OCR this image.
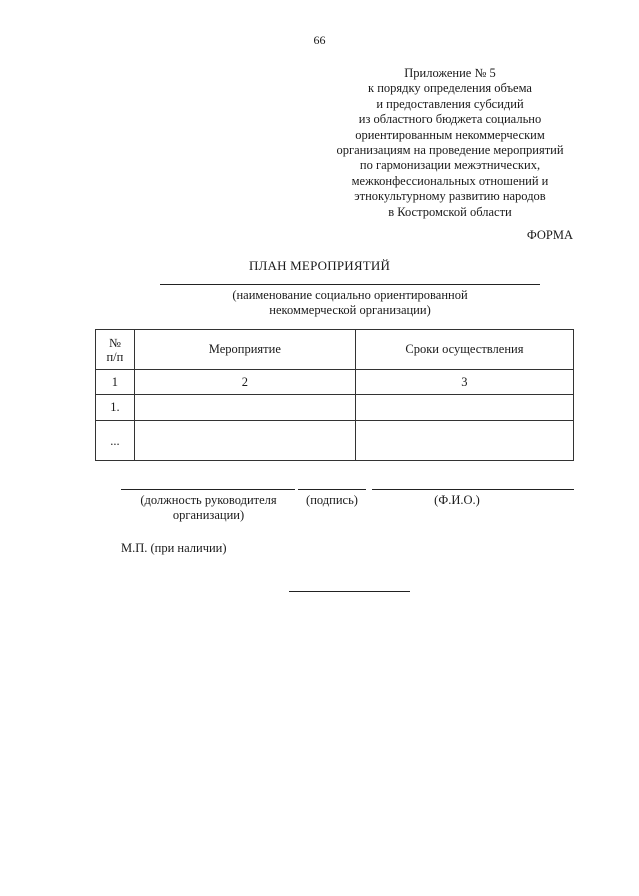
66
Приложение № 5
к порядку определения объема
и предоставления субсидий
из областного бюджета социально
ориентированным некоммерческим
организациям на проведение мероприятий
по гармонизации межэтнических,
межконфессиональных отношений и
этнокультурному развитию народов
в Костромской области
ФОРМА
ПЛАН МЕРОПРИЯТИЙ
(наименование социально ориентированной
некоммерческой организации)
№
п/п	Мероприятие	Сроки осуществления
1	2	3
1.		
...		
(должность руководителя
организации)
(подпись)	(Ф.И.О.)
М.П. (при наличии)
